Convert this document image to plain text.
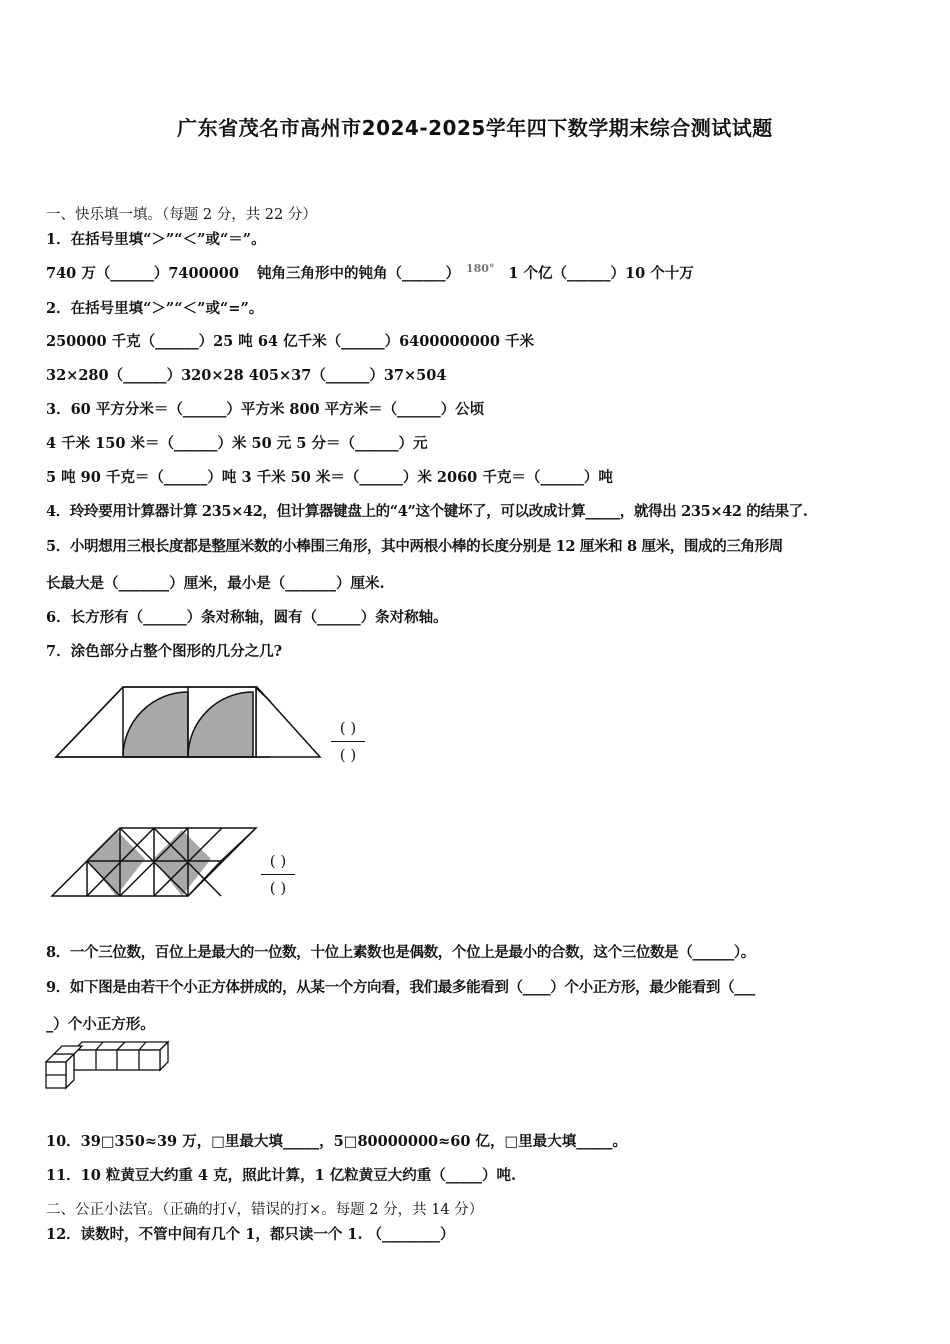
广东省茂名市高州市2024-2025学年四下数学期末综合测试试题
一、快乐填一填。（每题 2 分，共 22 分）
1．在括号里填“＞”“＜”或“＝”。
740 万（______）7400000 钝角三角形中的钝角（______） $^{180^\circ}$ 1 个亿（______）10 个十万
2．在括号里填“＞”“＜”或“=”。
250000 千克（______）25 吨 64 亿千米（______）6400000000 千米
32×280（______）320×28 405×37（______）37×504
3．60 平方分米＝（______）平方米 800 平方米＝（______）公顷
4 千米 150 米＝（______）米 50 元 5 分＝（______）元
5 吨 90 千克＝（______）吨 3 千米 50 米＝（______）米 2060 千克＝（______）吨
4．玲玲要用计算器计算 235×42，但计算器键盘上的“4”这个键坏了，可以改成计算_____，就得出 235×42 的结果了.
5．小明想用三根长度都是整厘米数的小棒围三角形，其中两根小棒的长度分别是 12 厘米和 8 厘米，围成的三角形周
长最大是（_______）厘米，最小是（_______）厘米.
6．长方形有（______）条对称轴，圆有（______）条对称轴。
7．涂色部分占整个图形的几分之几?
( )
( )
( )
( )
8．一个三位数，百位上是最大的一位数，十位上素数也是偶数，个位上是最小的合数，这个三位数是（______）。
9．如下图是由若干个小正方体拼成的，从某一个方向看，我们最多能看到（____）个小正方形，最少能看到（___
_）个小正方形。
10．39□350≈39 万，□里最大填_____，5□80000000≈60 亿，□里最大填_____。
11．10 粒黄豆大约重 4 克，照此计算，1 亿粒黄豆大约重（_____）吨.
二、公正小法官。（正确的打√，错误的打×。每题 2 分，共 14 分）
12．读数时，不管中间有几个 1，都只读一个 1. （________）
